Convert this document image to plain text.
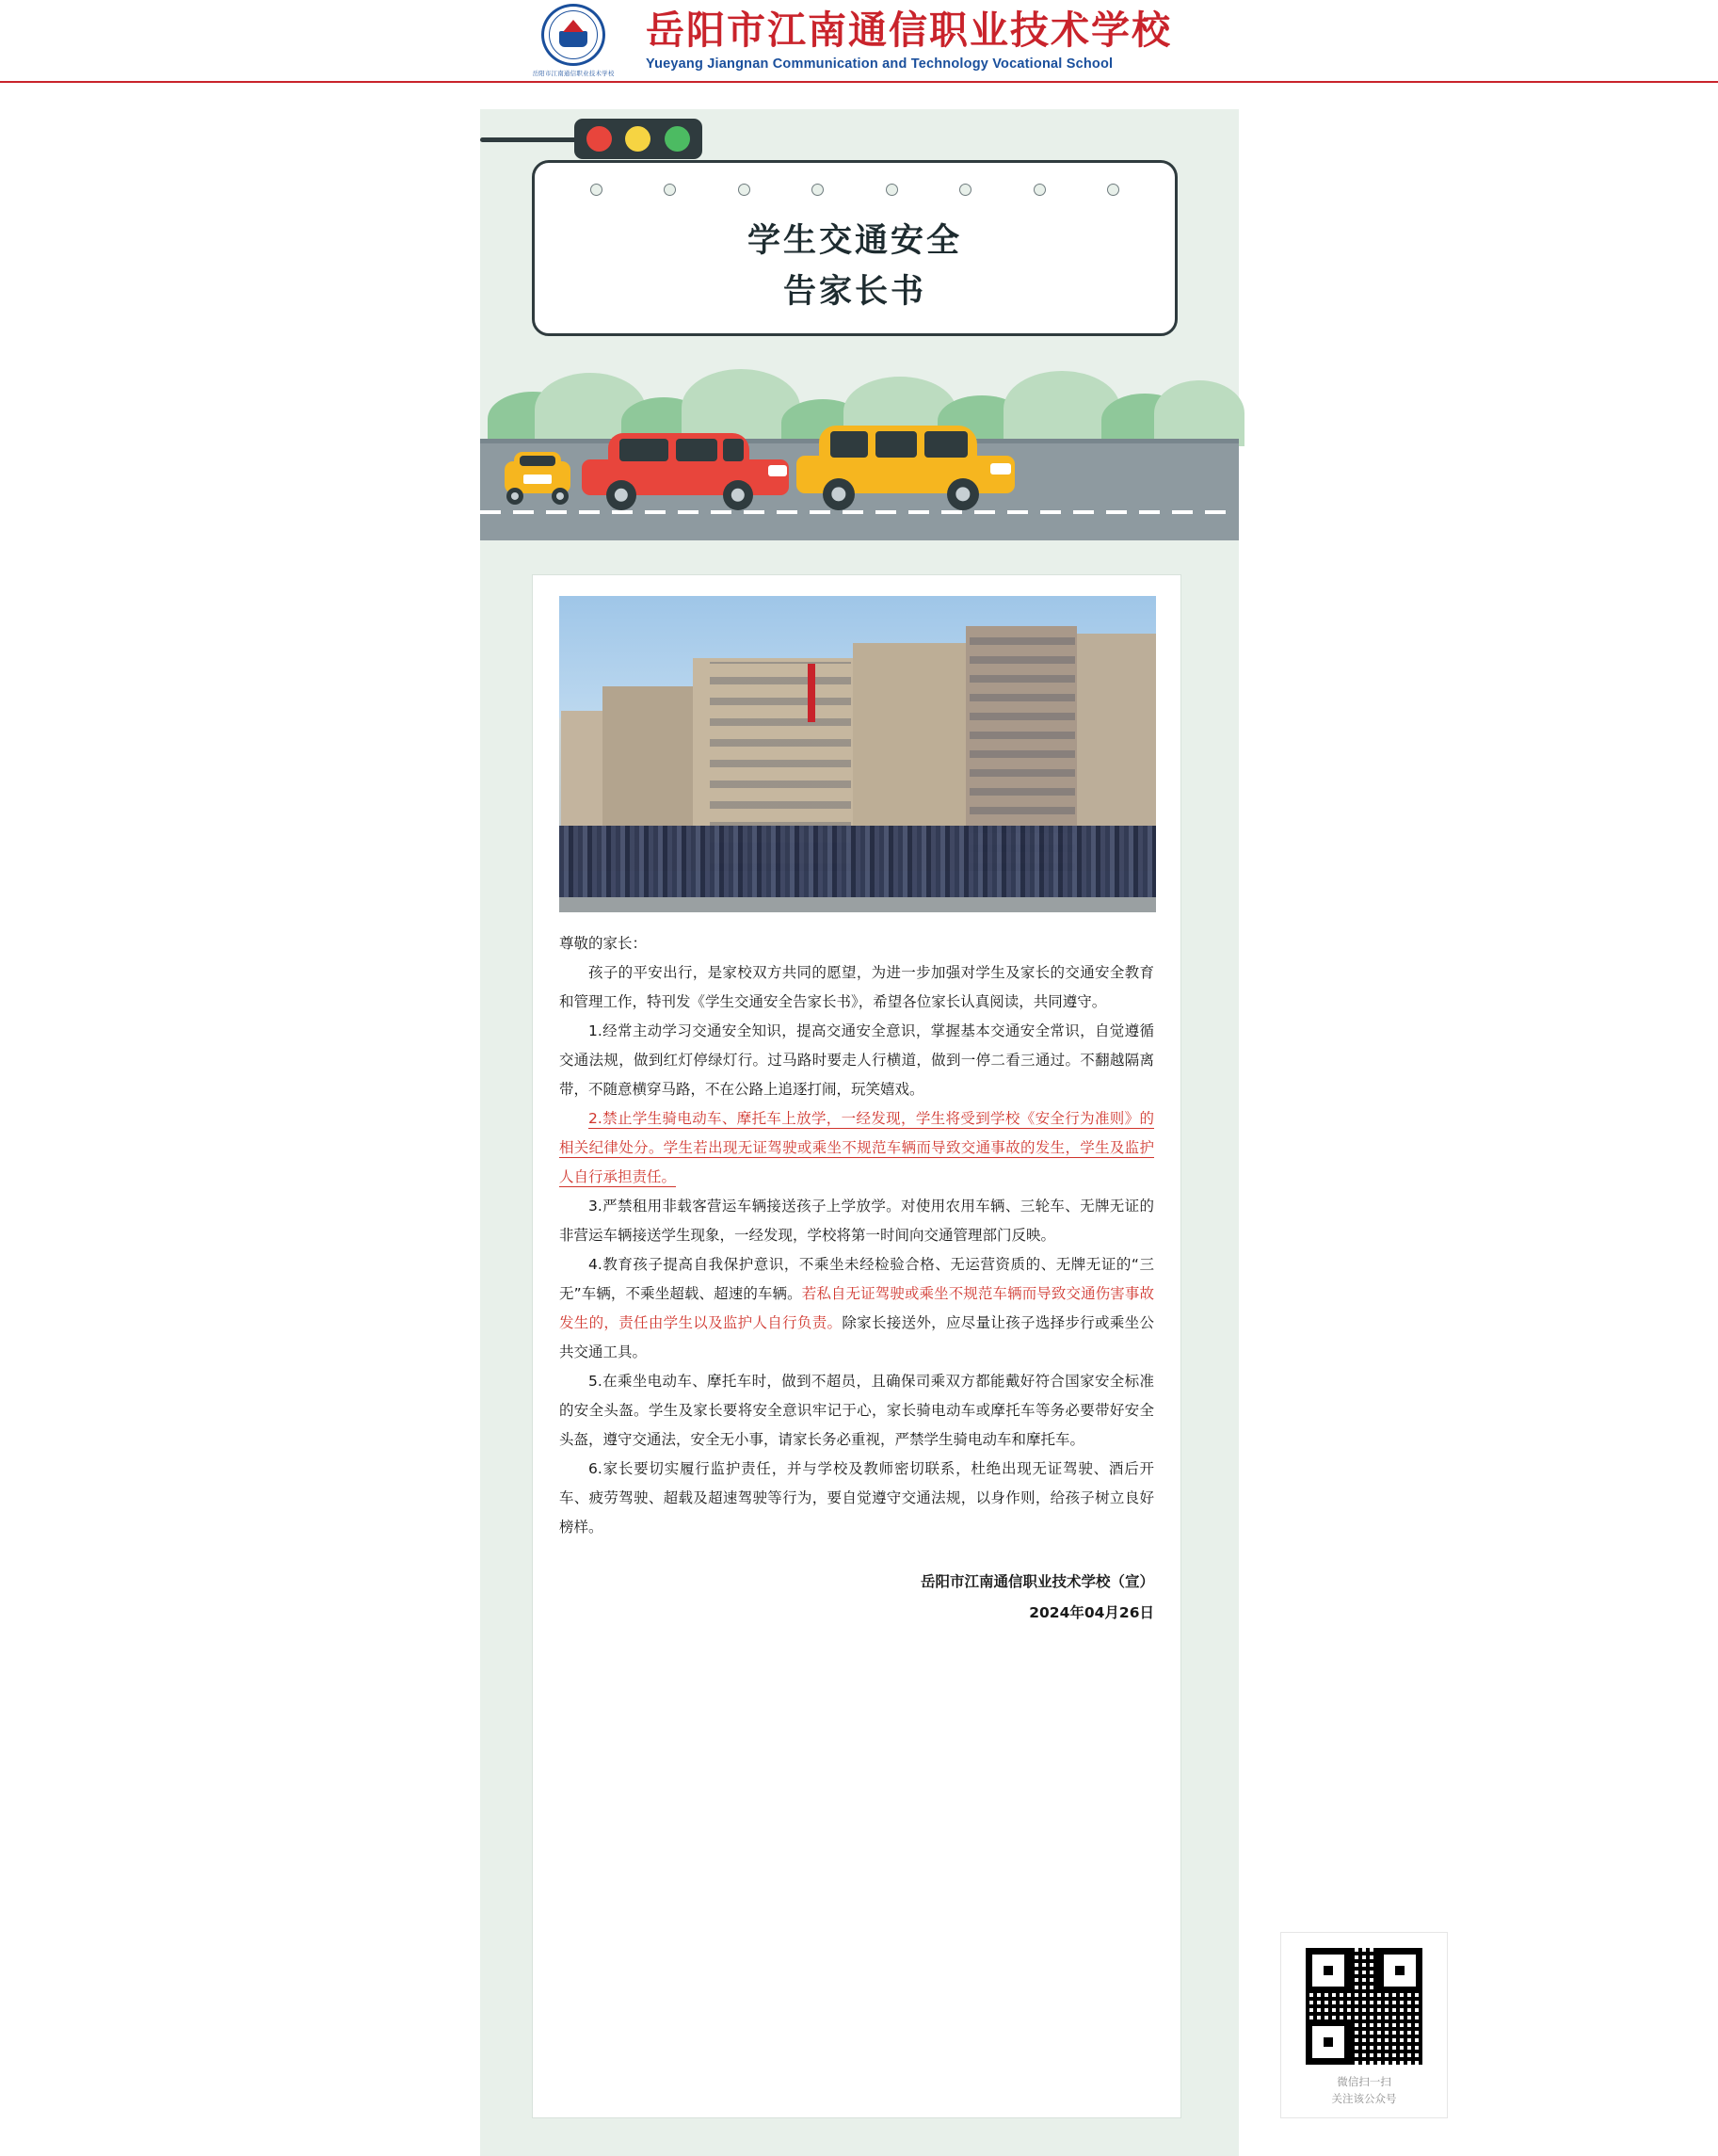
岳阳市江南通信职业技术学校
岳阳市江南通信职业技术学校
Yueyang Jiangnan Communication and Technology Vocational School
学生交通安全
告家长书

尊敬的家长：

孩子的平安出行，是家校双方共同的愿望，为进一步加强对学生及家长的交通安全教育和管理工作，特刊发《学生交通安全告家长书》，希望各位家长认真阅读，共同遵守。

1.经常主动学习交通安全知识，提高交通安全意识，掌握基本交通安全常识，自觉遵循交通法规，做到红灯停绿灯行。过马路时要走人行横道，做到一停二看三通过。不翻越隔离带，不随意横穿马路，不在公路上追逐打闹，玩笑嬉戏。

2.禁止学生骑电动车、摩托车上放学，一经发现，学生将受到学校《安全行为准则》的相关纪律处分。学生若出现无证驾驶或乘坐不规范车辆而导致交通事故的发生，学生及监护人自行承担责任。

3.严禁租用非载客营运车辆接送孩子上学放学。对使用农用车辆、三轮车、无牌无证的非营运车辆接送学生现象，一经发现，学校将第一时间向交通管理部门反映。

4.教育孩子提高自我保护意识，不乘坐未经检验合格、无运营资质的、无牌无证的“三无”车辆，不乘坐超载、超速的车辆。若私自无证驾驶或乘坐不规范车辆而导致交通伤害事故发生的，责任由学生以及监护人自行负责。除家长接送外，应尽量让孩子选择步行或乘坐公共交通工具。

5.在乘坐电动车、摩托车时，做到不超员，且确保司乘双方都能戴好符合国家安全标准的安全头盔。学生及家长要将安全意识牢记于心，家长骑电动车或摩托车等务必要带好安全头盔，遵守交通法，安全无小事，请家长务必重视，严禁学生骑电动车和摩托车。

6.家长要切实履行监护责任，并与学校及教师密切联系，杜绝出现无证驾驶、酒后开车、疲劳驾驶、超载及超速驾驶等行为，要自觉遵守交通法规，以身作则，给孩子树立良好榜样。

岳阳市江南通信职业技术学校（宣）
2024年04月26日
微信扫一扫
关注该公众号
